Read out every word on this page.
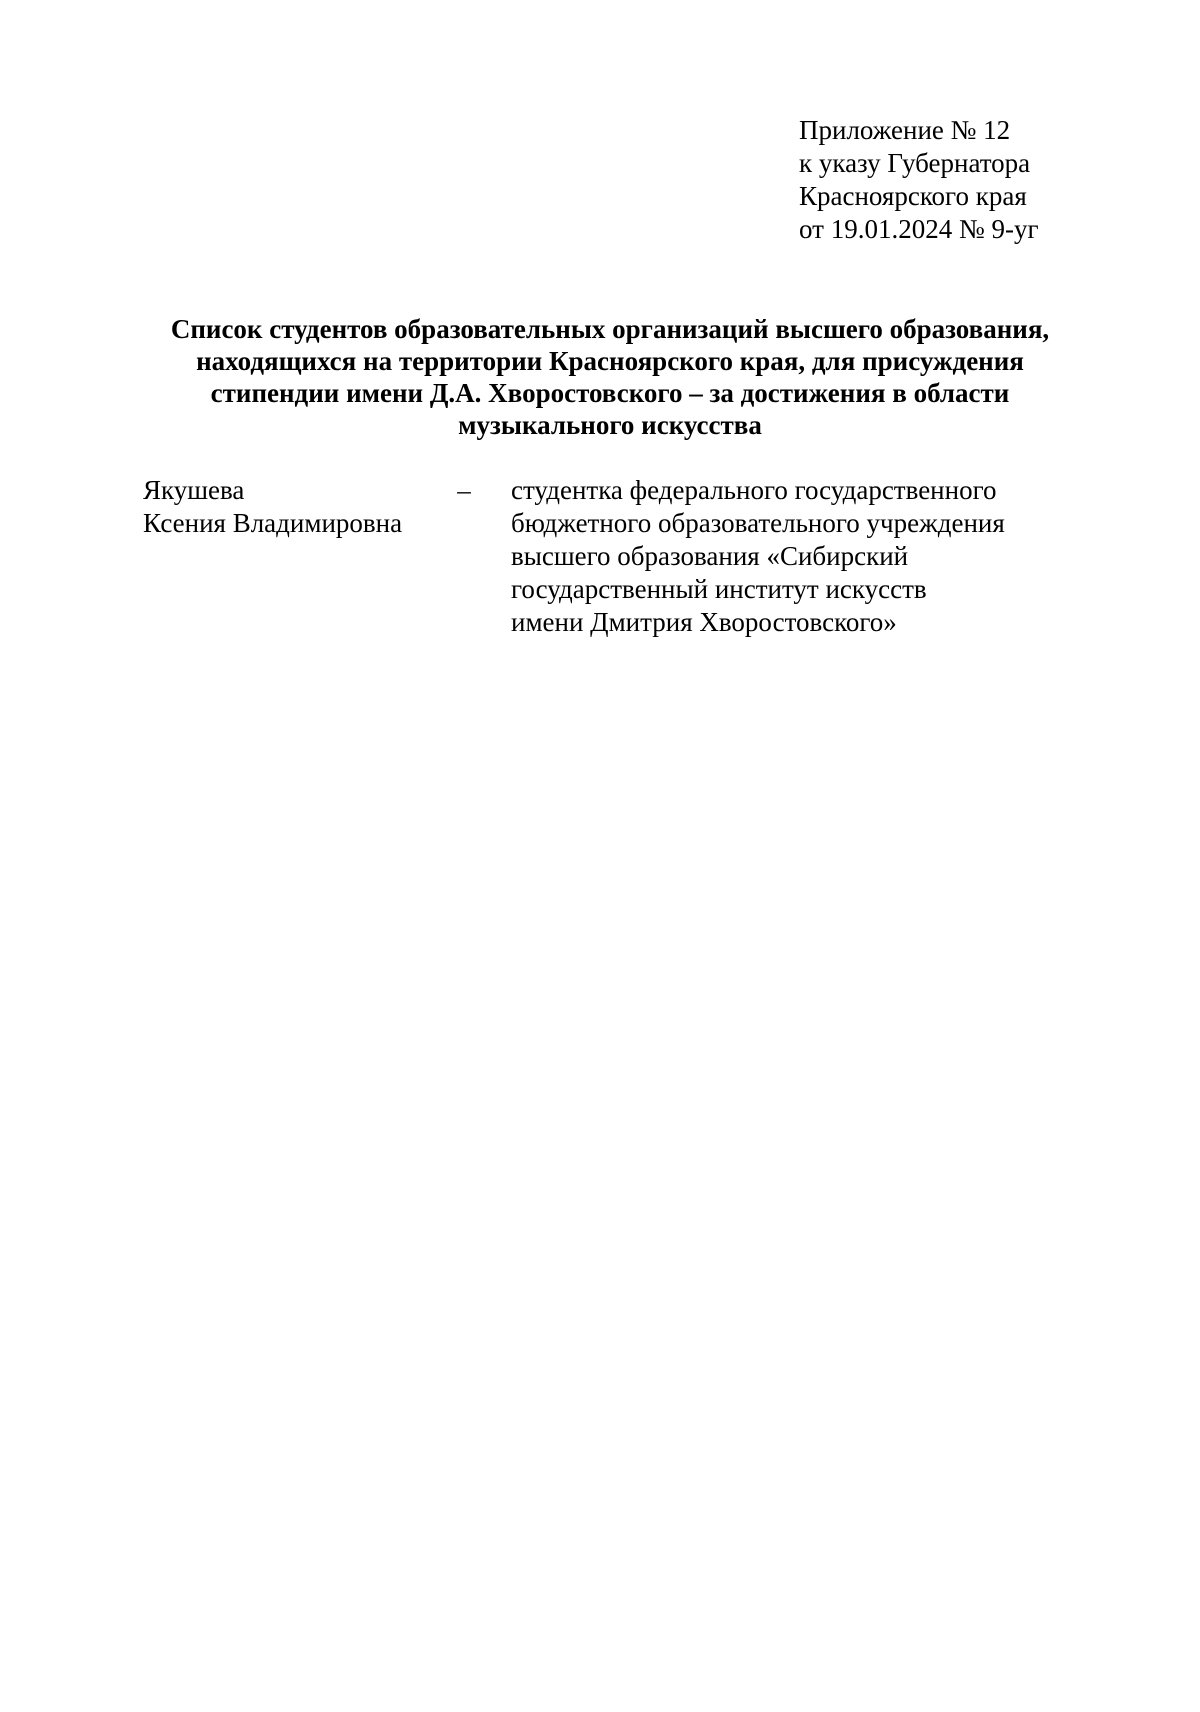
Приложение № 12
к указу Губернатора
Красноярского края
от 19.01.2024 № 9-уг
Список студентов образовательных организаций высшего образования,
находящихся на территории Красноярского края, для присуждения
стипендии имени Д.А. Хворостовского – за достижения в области
музыкального искусства
Якушева
Ксения Владимировна
– студентка федерального государственного
бюджетного образовательного учреждения
высшего образования «Сибирский
государственный институт искусств
имени Дмитрия Хворостовского»
